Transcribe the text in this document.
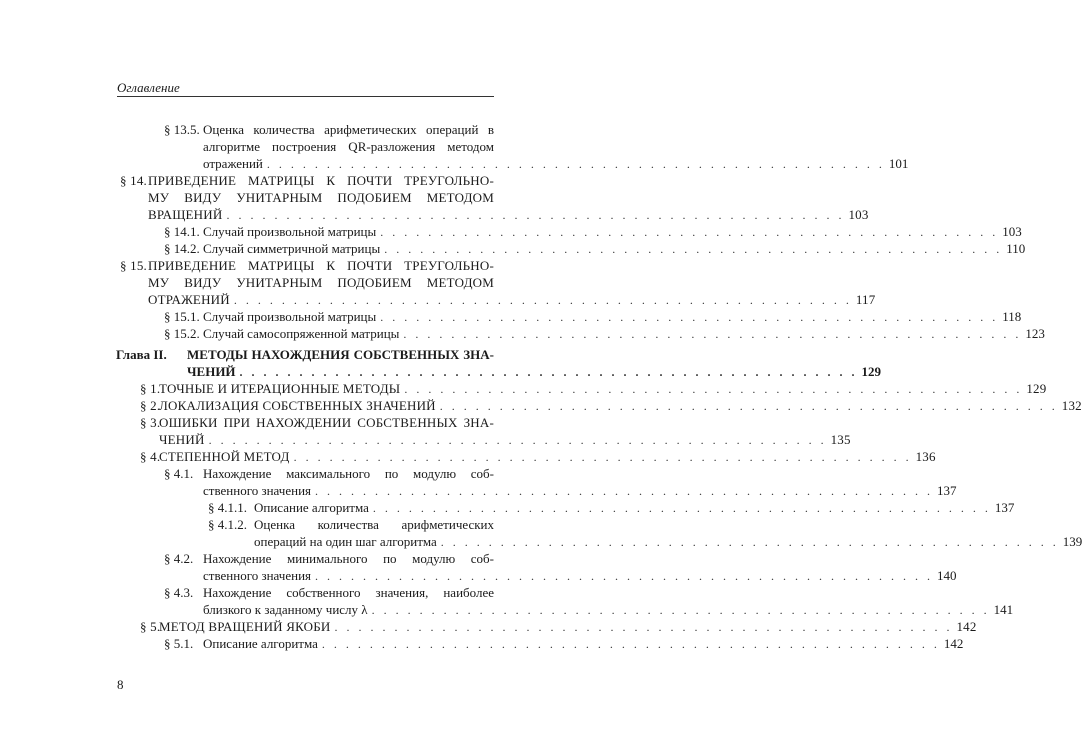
Оглавление
§ 13.5. Оценка количества арифметических операций в
алгоритме построения QR-разложения методом
отражений . . . . . . . . . . . . . . . . . . . . . . . . . . . . . . . . . . . . . . . . . . . . . . . . . . . . 101
§ 14. ПРИВЕДЕНИЕ МАТРИЦЫ К ПОЧТИ ТРЕУГОЛЬНО-
МУ ВИДУ УНИТАРНЫМ ПОДОБИЕМ МЕТОДОМ
ВРАЩЕНИЙ . . . . . . . . . . . . . . . . . . . . . . . . . . . . . . . . . . . . . . . . . . . . . . . . . . . . 103
§ 14.1. Случай произвольной матрицы . . . . . . . . . . . . . . . . . . . . . . . . . . . . . . . . . . . . . . . . . . . . . . . . . . . . 103
§ 14.2. Случай симметричной матрицы . . . . . . . . . . . . . . . . . . . . . . . . . . . . . . . . . . . . . . . . . . . . . . . . . . . . 110
§ 15. ПРИВЕДЕНИЕ МАТРИЦЫ К ПОЧТИ ТРЕУГОЛЬНО-
МУ ВИДУ УНИТАРНЫМ ПОДОБИЕМ МЕТОДОМ
ОТРАЖЕНИЙ . . . . . . . . . . . . . . . . . . . . . . . . . . . . . . . . . . . . . . . . . . . . . . . . . . . . 117
§ 15.1. Случай произвольной матрицы . . . . . . . . . . . . . . . . . . . . . . . . . . . . . . . . . . . . . . . . . . . . . . . . . . . . 118
§ 15.2. Случай самосопряженной матрицы . . . . . . . . . . . . . . . . . . . . . . . . . . . . . . . . . . . . . . . . . . . . . . . . . . . . 123
Глава II. МЕТОДЫ НАХОЖДЕНИЯ СОБСТВЕННЫХ ЗНА-
ЧЕНИЙ . . . . . . . . . . . . . . . . . . . . . . . . . . . . . . . . . . . . . . . . . . . . . . . . . . . . 129
§ 1.
ТОЧНЫЕ И ИТЕРАЦИОННЫЕ МЕТОДЫ . . . . . . . . . . . . . . . . . . . . . . . . . . . . . . . . . . . . . . . . . . . . . . . . . . . . 129
§ 2.
ЛОКАЛИЗАЦИЯ СОБСТВЕННЫХ ЗНАЧЕНИЙ . . . . . . . . . . . . . . . . . . . . . . . . . . . . . . . . . . . . . . . . . . . . . . . . . . . . 132
§ 3.
ОШИБКИ ПРИ НАХОЖДЕНИИ СОБСТВЕННЫХ ЗНА-
ЧЕНИЙ . . . . . . . . . . . . . . . . . . . . . . . . . . . . . . . . . . . . . . . . . . . . . . . . . . . . 135
§ 4.
СТЕПЕННОЙ МЕТОД . . . . . . . . . . . . . . . . . . . . . . . . . . . . . . . . . . . . . . . . . . . . . . . . . . . . 136
§ 4.1. Нахождение максимального по модулю соб-
ственного значения . . . . . . . . . . . . . . . . . . . . . . . . . . . . . . . . . . . . . . . . . . . . . . . . . . . . 137
§ 4.1.1. Описание алгоритма . . . . . . . . . . . . . . . . . . . . . . . . . . . . . . . . . . . . . . . . . . . . . . . . . . . . 137
§ 4.1.2. Оценка количества арифметических
операций на один шаг алгоритма . . . . . . . . . . . . . . . . . . . . . . . . . . . . . . . . . . . . . . . . . . . . . . . . . . . . 139
§ 4.2. Нахождение минимального по модулю соб-
ственного значения . . . . . . . . . . . . . . . . . . . . . . . . . . . . . . . . . . . . . . . . . . . . . . . . . . . . 140
§ 4.3. Нахождение собственного значения, наиболее
близкого к заданному числу λ . . . . . . . . . . . . . . . . . . . . . . . . . . . . . . . . . . . . . . . . . . . . . . . . . . . . 141
§ 5.
МЕТОД ВРАЩЕНИЙ ЯКОБИ . . . . . . . . . . . . . . . . . . . . . . . . . . . . . . . . . . . . . . . . . . . . . . . . . . . . 142
§ 5.1. Описание алгоритма . . . . . . . . . . . . . . . . . . . . . . . . . . . . . . . . . . . . . . . . . . . . . . . . . . . . 142
8
